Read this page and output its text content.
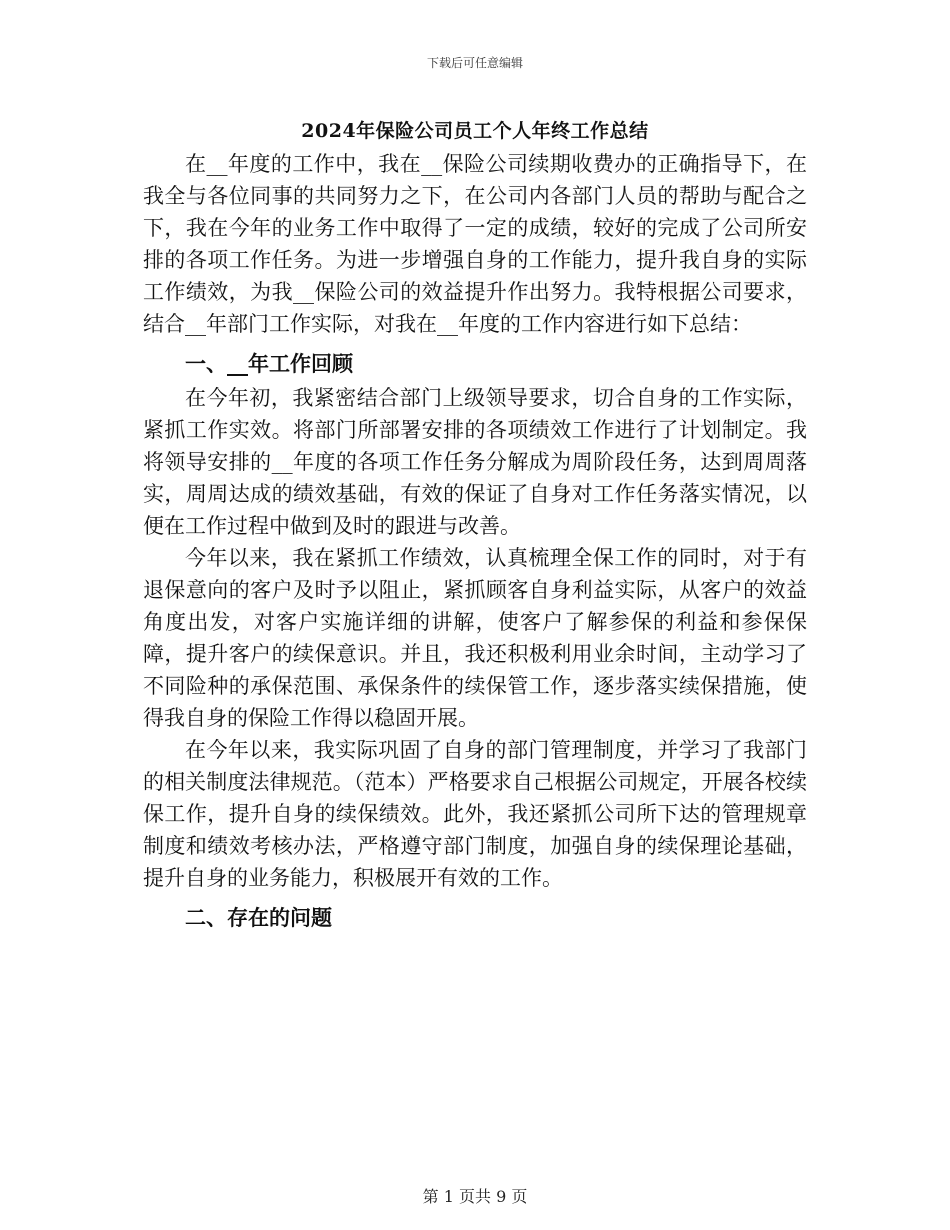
下载后可任意编辑
2024年保险公司员工个人年终工作总结

在__年度的工作中，我在__保险公司续期收费办的正确指导下，在我全与各位同事的共同努力之下，在公司内各部门人员的帮助与配合之下，我在今年的业务工作中取得了一定的成绩，较好的完成了公司所安排的各项工作任务。为进一步增强自身的工作能力，提升我自身的实际工作绩效，为我__保险公司的效益提升作出努力。我特根据公司要求，结合__年部门工作实际，对我在__年度的工作内容进行如下总结：

一、__年工作回顾

在今年初，我紧密结合部门上级领导要求，切合自身的工作实际，紧抓工作实效。将部门所部署安排的各项绩效工作进行了计划制定。我将领导安排的__年度的各项工作任务分解成为周阶段任务，达到周周落实，周周达成的绩效基础，有效的保证了自身对工作任务落实情况，以便在工作过程中做到及时的跟进与改善。

今年以来，我在紧抓工作绩效，认真梳理全保工作的同时，对于有退保意向的客户及时予以阻止，紧抓顾客自身利益实际，从客户的效益角度出发，对客户实施详细的讲解，使客户了解参保的利益和参保保障，提升客户的续保意识。并且，我还积极利用业余时间，主动学习了不同险种的承保范围、承保条件的续保管工作，逐步落实续保措施，使得我自身的保险工作得以稳固开展。

在今年以来，我实际巩固了自身的部门管理制度，并学习了我部门的相关制度法律规范。（范本）严格要求自己根据公司规定，开展各校续保工作，提升自身的续保绩效。此外，我还紧抓公司所下达的管理规章制度和绩效考核办法，严格遵守部门制度，加强自身的续保理论基础，提升自身的业务能力，积极展开有效的工作。

二、存在的问题
第 1 页共 9 页
